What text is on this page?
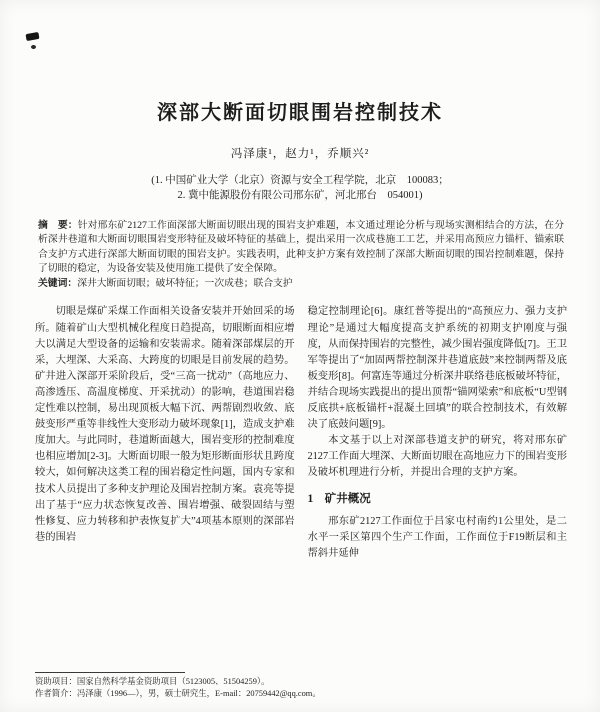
深部大断面切眼围岩控制技术
冯泽康¹，赵力¹，乔顺兴²
(1. 中国矿业大学（北京）资源与安全工程学院，北京　100083；
2. 冀中能源股份有限公司邢东矿，河北邢台　054001)
摘　要：针对邢东矿2127工作面深部大断面切眼出现的围岩支护难题，本文通过理论分析与现场实测相结合的方法，在分析深井巷道和大断面切眼围岩变形特征及破坏特征的基础上，提出采用一次成巷施工工艺，并采用高预应力锚杆、锚索联合支护方式进行深部大断面切眼的围岩支护。实践表明，此种支护方案有效控制了深部大断面切眼的围岩控制难题，保持了切眼的稳定，为设备安装及使用施工提供了安全保障。
关键词：深井大断面切眼；破坏特征；一次成巷；联合支护

切眼是煤矿采煤工作面相关设备安装并开始回采的场所。随着矿山大型机械化程度日趋提高，切眼断面相应增大以满足大型设备的运输和安装需求。随着深部煤层的开采，大埋深、大采高、大跨度的切眼是目前发展的趋势。矿井进入深部开采阶段后，受“三高一扰动”（高地应力、高渗透压、高温度梯度、开采扰动）的影响，巷道围岩稳定性难以控制，易出现顶板大幅下沉、两帮剧烈收敛、底鼓变形严重等非线性大变形动力破坏现象[1]，造成支护难度加大。与此同时，巷道断面越大，围岩变形的控制难度也相应增加[2-3]。大断面切眼一般为矩形断面形状且跨度较大，如何解决这类工程的围岩稳定性问题，国内专家和技术人员提出了多种支护理论及围岩控制方案。袁亮等提出了基于“应力状态恢复改善、围岩增强、破裂固结与塑性修复、应力转移和护表恢复扩大”4项基本原则的深部岩巷的围岩

稳定控制理论[6]。康红普等提出的“高预应力、强力支护理论”是通过大幅度提高支护系统的初期支护刚度与强度，从而保持围岩的完整性，减少围岩强度降低[7]。王卫军等提出了“加固两帮控制深井巷道底鼓”来控制两帮及底板变形[8]。何富连等通过分析深井联络巷底板破坏特征，并结合现场实践提出的提出顶帮“锚网梁索”和底板“U型钢反底拱+底板锚杆+混凝土回填”的联合控制技术，有效解决了底鼓问题[9]。

本文基于以上对深部巷道支护的研究，将对邢东矿2127工作面大埋深、大断面切眼在高地应力下的围岩变形及破坏机理进行分析，并提出合理的支护方案。

1　矿井概况

邢东矿2127工作面位于吕家屯村南约1公里处，是二水平一采区第四个生产工作面，工作面位于F19断层和主帮斜井延伸

资助项目：国家自然科学基金资助项目（5123005、51504259）。
作者简介：冯泽康（1996—），男，硕士研究生，E-mail：20759442@qq.com。
